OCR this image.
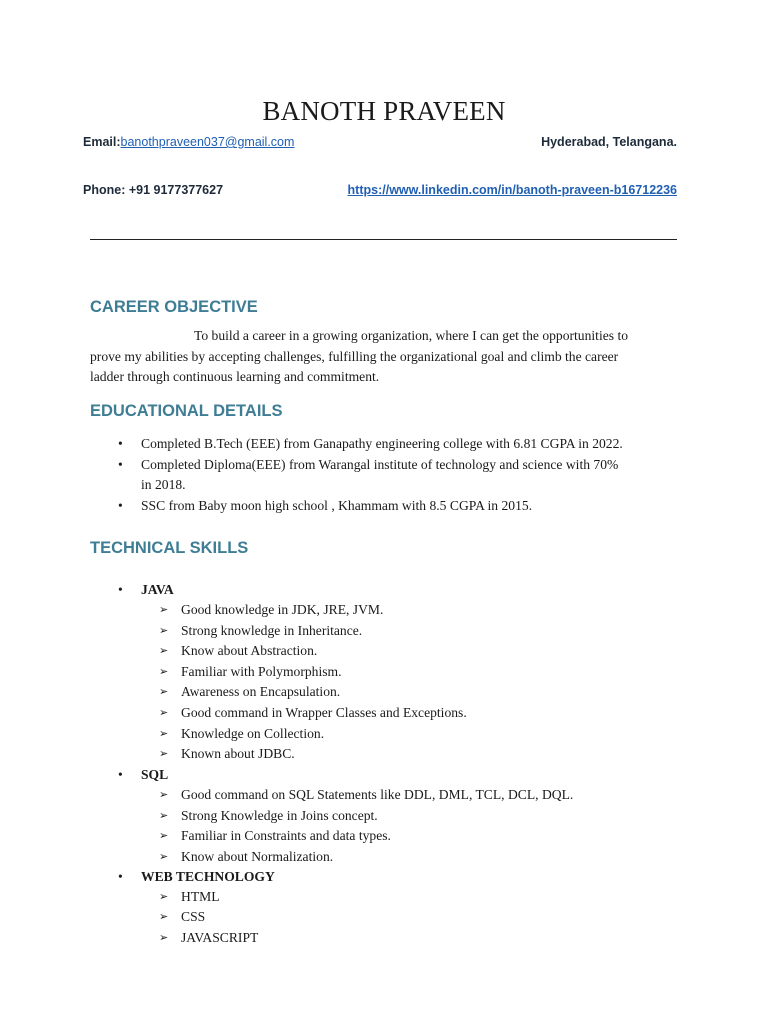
BANOTH PRAVEEN
Email:banothpraveen037@gmail.com	Hyderabad, Telangana.
Phone: +91 9177377627	https://www.linkedin.com/in/banoth-praveen-b16712236
CAREER OBJECTIVE
To build a career in a growing organization, where I can get the opportunities to
prove my abilities by accepting challenges, fulfilling the organizational goal and climb the career
ladder through continuous learning and commitment.
EDUCATIONAL DETAILS
• Completed B.Tech (EEE) from Ganapathy engineering college with 6.81 CGPA in 2022.
• Completed Diploma(EEE) from Warangal institute of technology and science with 70%
in 2018.
• SSC from Baby moon high school , Khammam with 8.5 CGPA in 2015.
TECHNICAL SKILLS
• JAVA
➢ Good knowledge in JDK, JRE, JVM.
➢ Strong knowledge in Inheritance.
➢ Know about Abstraction.
➢ Familiar with Polymorphism.
➢ Awareness on Encapsulation.
➢ Good command in Wrapper Classes and Exceptions.
➢ Knowledge on Collection.
➢ Known about JDBC.
• SQL
➢ Good command on SQL Statements like DDL, DML, TCL, DCL, DQL.
➢ Strong Knowledge in Joins concept.
➢ Familiar in Constraints and data types.
➢ Know about Normalization.
• WEB TECHNOLOGY
➢ HTML
➢ CSS
➢ JAVASCRIPT
